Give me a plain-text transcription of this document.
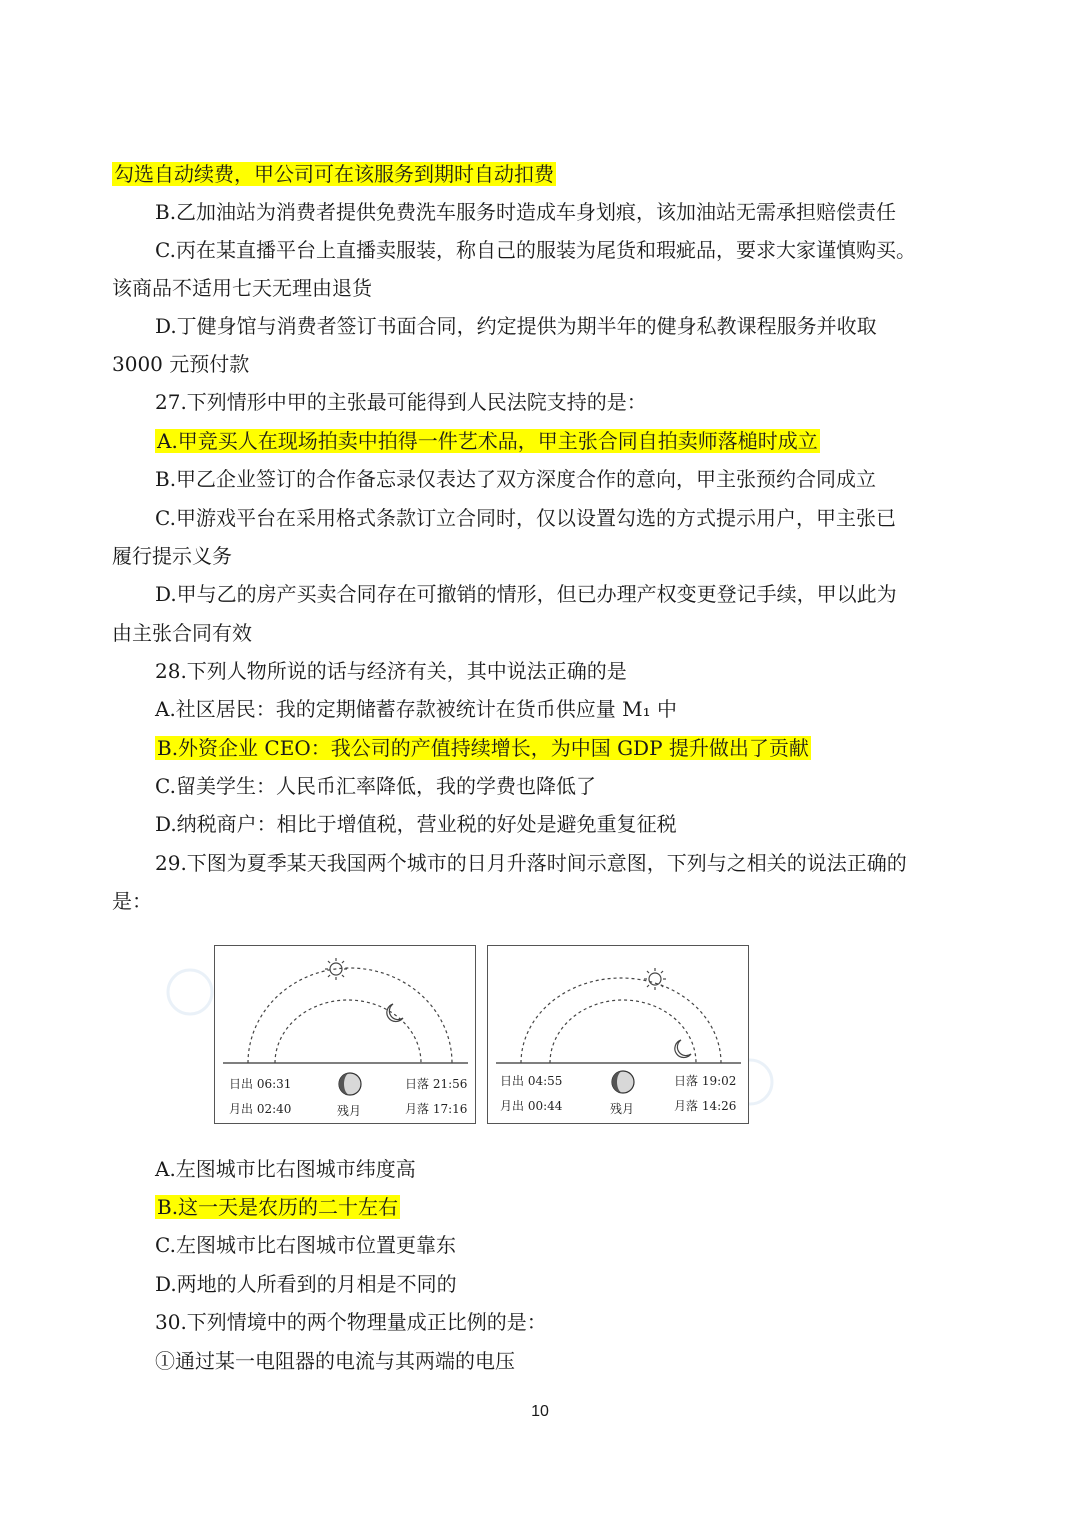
勾选自动续费，甲公司可在该服务到期时自动扣费
B.乙加油站为消费者提供免费洗车服务时造成车身划痕，该加油站无需承担赔偿责任
C.丙在某直播平台上直播卖服装，称自己的服装为尾货和瑕疵品，要求大家谨慎购买。
该商品不适用七天无理由退货
D.丁健身馆与消费者签订书面合同，约定提供为期半年的健身私教课程服务并收取
3000 元预付款
27.下列情形中甲的主张最可能得到人民法院支持的是：
A.甲竞买人在现场拍卖中拍得一件艺术品，甲主张合同自拍卖师落槌时成立
B.甲乙企业签订的合作备忘录仅表达了双方深度合作的意向，甲主张预约合同成立
C.甲游戏平台在采用格式条款订立合同时，仅以设置勾选的方式提示用户，甲主张已
履行提示义务
D.甲与乙的房产买卖合同存在可撤销的情形，但已办理产权变更登记手续，甲以此为
由主张合同有效
28.下列人物所说的话与经济有关，其中说法正确的是
A.社区居民：我的定期储蓄存款被统计在货币供应量 M₁ 中
B.外资企业 CEO：我公司的产值持续增长，为中国 GDP 提升做出了贡献
C.留美学生：人民币汇率降低，我的学费也降低了
D.纳税商户：相比于增值税，营业税的好处是避免重复征税
29.下图为夏季某天我国两个城市的日月升落时间示意图，下列与之相关的说法正确的
是：
日出 06:31
月出 02:40
日落 21:56
月落 17:16
残月
日出 04:55
月出 00:44
日落 19:02
月落 14:26
残月
A.左图城市比右图城市纬度高
B.这一天是农历的二十左右
C.左图城市比右图城市位置更靠东
D.两地的人所看到的月相是不同的
30.下列情境中的两个物理量成正比例的是：
①通过某一电阻器的电流与其两端的电压
10
